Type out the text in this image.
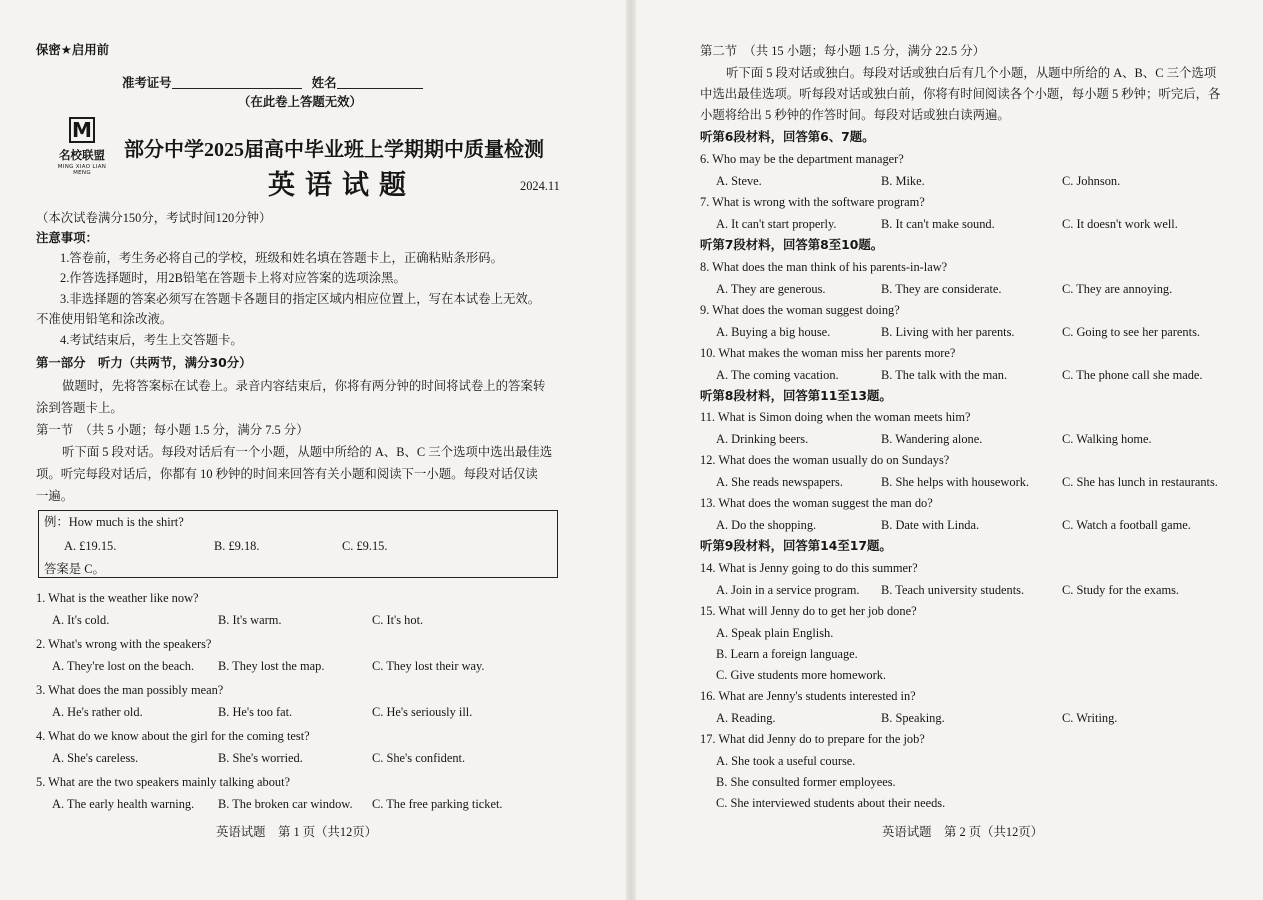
保密★启用前
准考证号	姓名
（在此卷上答题无效）
M
名校联盟
MING XIAO LIAN MENG
部分中学2025届高中毕业班上学期期中质量检测
英语试题	2024.11
（本次试卷满分150分，考试时间120分钟）
注意事项：
1.答卷前，考生务必将自己的学校，班级和姓名填在答题卡上，正确粘贴条形码。
2.作答选择题时，用2B铅笔在答题卡上将对应答案的选项涂黑。
3.非选择题的答案必须写在答题卡各题目的指定区域内相应位置上，写在本试卷上无效。
不准使用铅笔和涂改液。
4.考试结束后，考生上交答题卡。
第一部分　听力（共两节，满分30分）
做题时，先将答案标在试卷上。录音内容结束后，你将有两分钟的时间将试卷上的答案转
涂到答题卡上。
第一节　（共 5 小题；每小题 1.5 分，满分 7.5 分）
听下面 5 段对话。每段对话后有一个小题，从题中所给的 A、B、C 三个选项中选出最佳选
项。听完每段对话后，你都有 10 秒钟的时间来回答有关小题和阅读下一小题。每段对话仅读
一遍。
例：How much is the shirt?
A. £19.15.	B. £9.18.	C. £9.15.
答案是 C。
1. What is the weather like now?
A. It's cold.	B. It's warm.	C. It's hot.
2. What's wrong with the speakers?
A. They're lost on the beach. B. They lost the map.	C. They lost their way.
3. What does the man possibly mean?
A. He's rather old.	B. He's too fat.	C. He's seriously ill.
4. What do we know about the girl for the coming test?
A. She's careless.	B. She's worried.	C. She's confident.
5. What are the two speakers mainly talking about?
A. The early health warning. B. The broken car window. C. The free parking ticket.
英语试题　第 1 页（共12页）
第二节　（共 15 小题；每小题 1.5 分，满分 22.5 分）
听下面 5 段对话或独白。每段对话或独白后有几个小题，从题中所给的 A、B、C 三个选项
中选出最佳选项。听每段对话或独白前，你将有时间阅读各个小题，每小题 5 秒钟；听完后，各
小题将给出 5 秒钟的作答时间。每段对话或独白读两遍。
听第6段材料，回答第6、7题。
6. Who may be the department manager?
A. Steve.	B. Mike.	C. Johnson.
7. What is wrong with the software program?
A. It can't start properly.	B. It can't make sound.	C. It doesn't work well.
听第7段材料，回答第8至10题。
8. What does the man think of his parents-in-law?
A. They are generous.	B. They are considerate.	C. They are annoying.
9. What does the woman suggest doing?
A. Buying a big house.	B. Living with her parents.	C. Going to see her parents.
10. What makes the woman miss her parents more?
A. The coming vacation.	B. The talk with the man.	C. The phone call she made.
听第8段材料，回答第11至13题。
11. What is Simon doing when the woman meets him?
A. Drinking beers.	B. Wandering alone.	C. Walking home.
12. What does the woman usually do on Sundays?
A. She reads newspapers.	B. She helps with housework.	C. She has lunch in restaurants.
13. What does the woman suggest the man do?
A. Do the shopping.	B. Date with Linda.	C. Watch a football game.
听第9段材料，回答第14至17题。
14. What is Jenny going to do this summer?
A. Join in a service program. B. Teach university students.	C. Study for the exams.
15. What will Jenny do to get her job done?
A. Speak plain English.
B. Learn a foreign language.
C. Give students more homework.
16. What are Jenny's students interested in?
A. Reading.	B. Speaking.	C. Writing.
17. What did Jenny do to prepare for the job?
A. She took a useful course.
B. She consulted former employees.
C. She interviewed students about their needs.
英语试题　第 2 页（共12页）
